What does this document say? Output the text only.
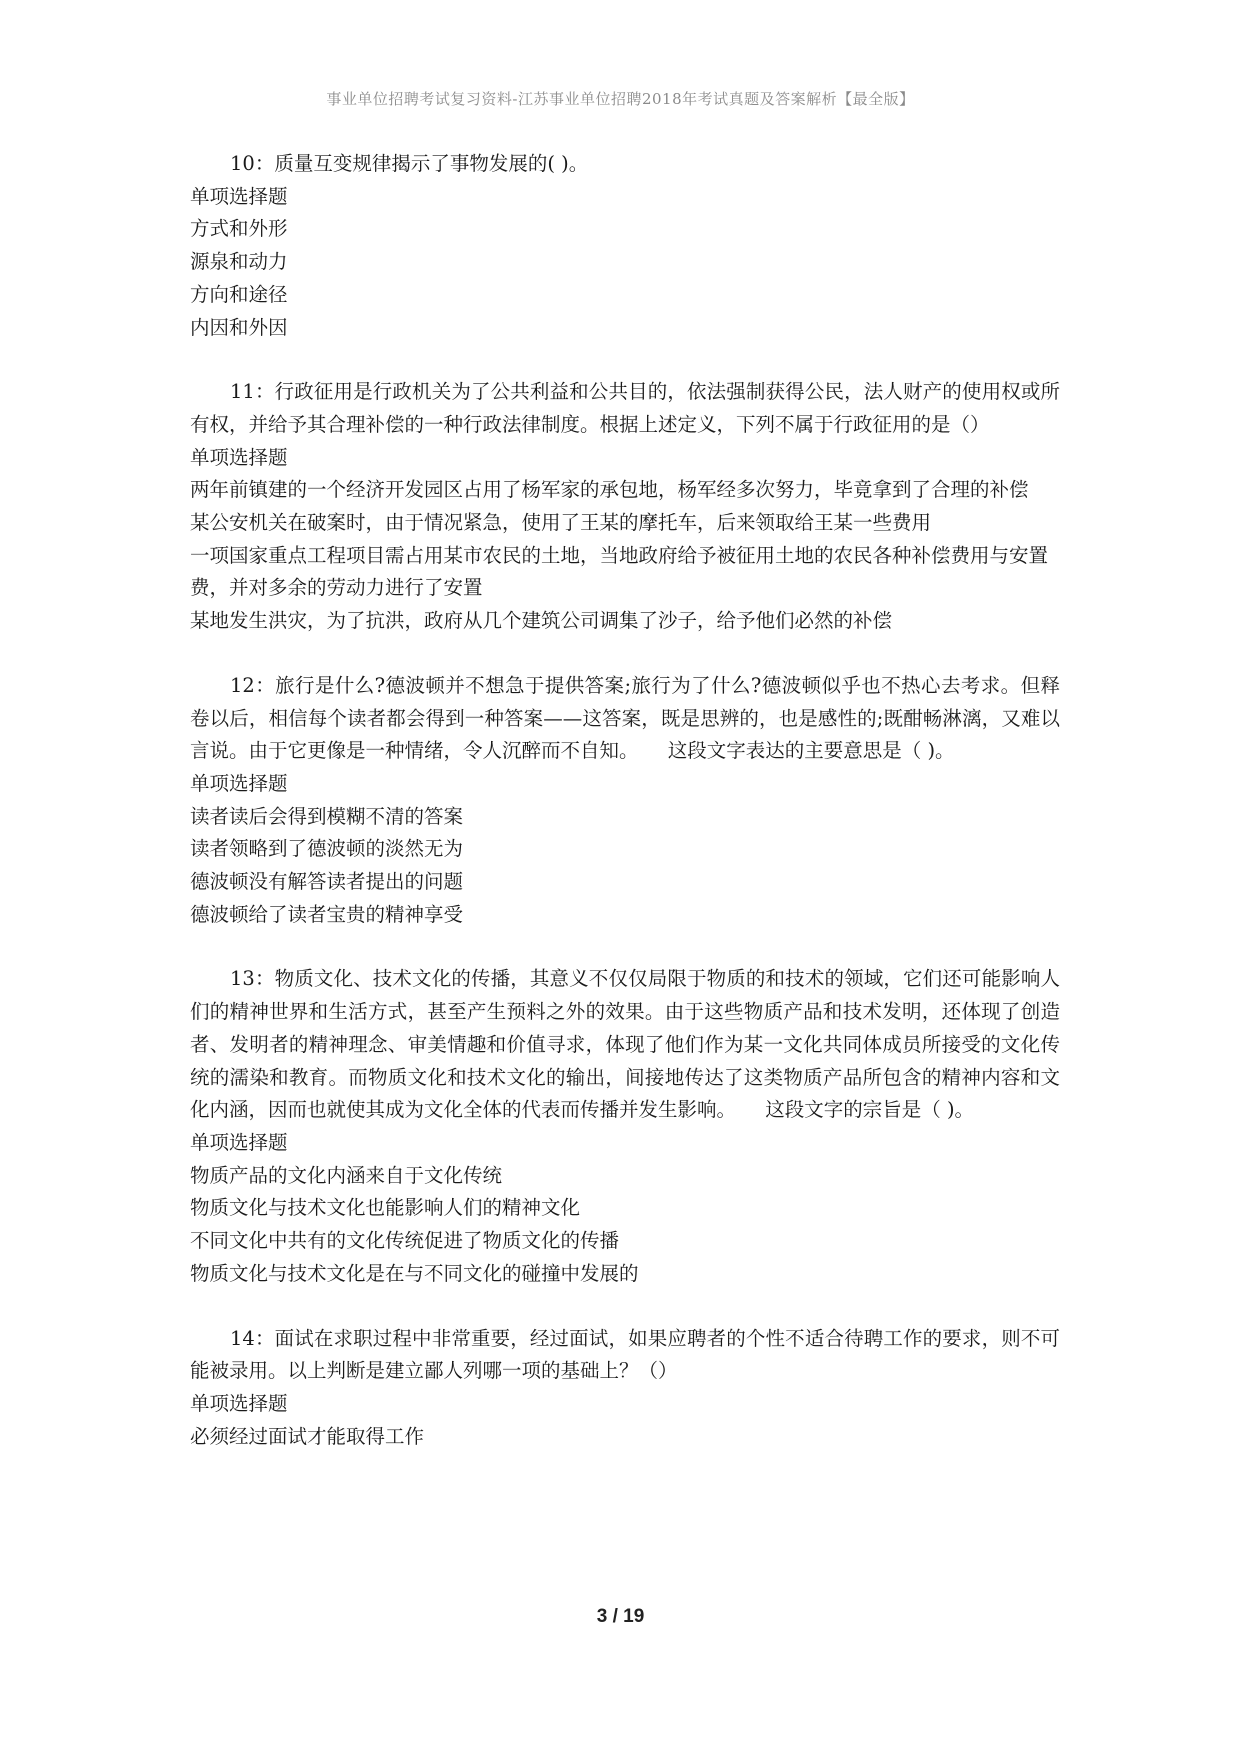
事业单位招聘考试复习资料-江苏事业单位招聘2018年考试真题及答案解析【最全版】

10：质量互变规律揭示了事物发展的( )。

单项选择题

方式和外形

源泉和动力

方向和途径

内因和外因

11：行政征用是行政机关为了公共利益和公共目的，依法强制获得公民，法人财产的使用权或所有权，并给予其合理补偿的一种行政法律制度。根据上述定义，下列不属于行政征用的是（）

单项选择题

两年前镇建的一个经济开发园区占用了杨军家的承包地，杨军经多次努力，毕竟拿到了合理的补偿

某公安机关在破案时，由于情况紧急，使用了王某的摩托车，后来领取给王某一些费用

一项国家重点工程项目需占用某市农民的土地，当地政府给予被征用土地的农民各种补偿费用与安置费，并对多余的劳动力进行了安置

某地发生洪灾，为了抗洪，政府从几个建筑公司调集了沙子，给予他们必然的补偿

12：旅行是什么?德波顿并不想急于提供答案;旅行为了什么?德波顿似乎也不热心去考求。但释卷以后，相信每个读者都会得到一种答案——这答案，既是思辨的，也是感性的;既酣畅淋漓，又难以言说。由于它更像是一种情绪，令人沉醉而不自知。　　这段文字表达的主要意思是（ )。

单项选择题

读者读后会得到模糊不清的答案

读者领略到了德波顿的淡然无为

德波顿没有解答读者提出的问题

德波顿给了读者宝贵的精神享受

13：物质文化、技术文化的传播，其意义不仅仅局限于物质的和技术的领域，它们还可能影响人们的精神世界和生活方式，甚至产生预料之外的效果。由于这些物质产品和技术发明，还体现了创造者、发明者的精神理念、审美情趣和价值寻求，体现了他们作为某一文化共同体成员所接受的文化传统的濡染和教育。而物质文化和技术文化的输出，间接地传达了这类物质产品所包含的精神内容和文化内涵，因而也就使其成为文化全体的代表而传播并发生影响。　　这段文字的宗旨是（ )。

单项选择题

物质产品的文化内涵来自于文化传统

物质文化与技术文化也能影响人们的精神文化

不同文化中共有的文化传统促进了物质文化的传播

物质文化与技术文化是在与不同文化的碰撞中发展的

14：面试在求职过程中非常重要，经过面试，如果应聘者的个性不适合待聘工作的要求，则不可能被录用。以上判断是建立鄙人列哪一项的基础上？（）

单项选择题

必须经过面试才能取得工作

3 / 19
